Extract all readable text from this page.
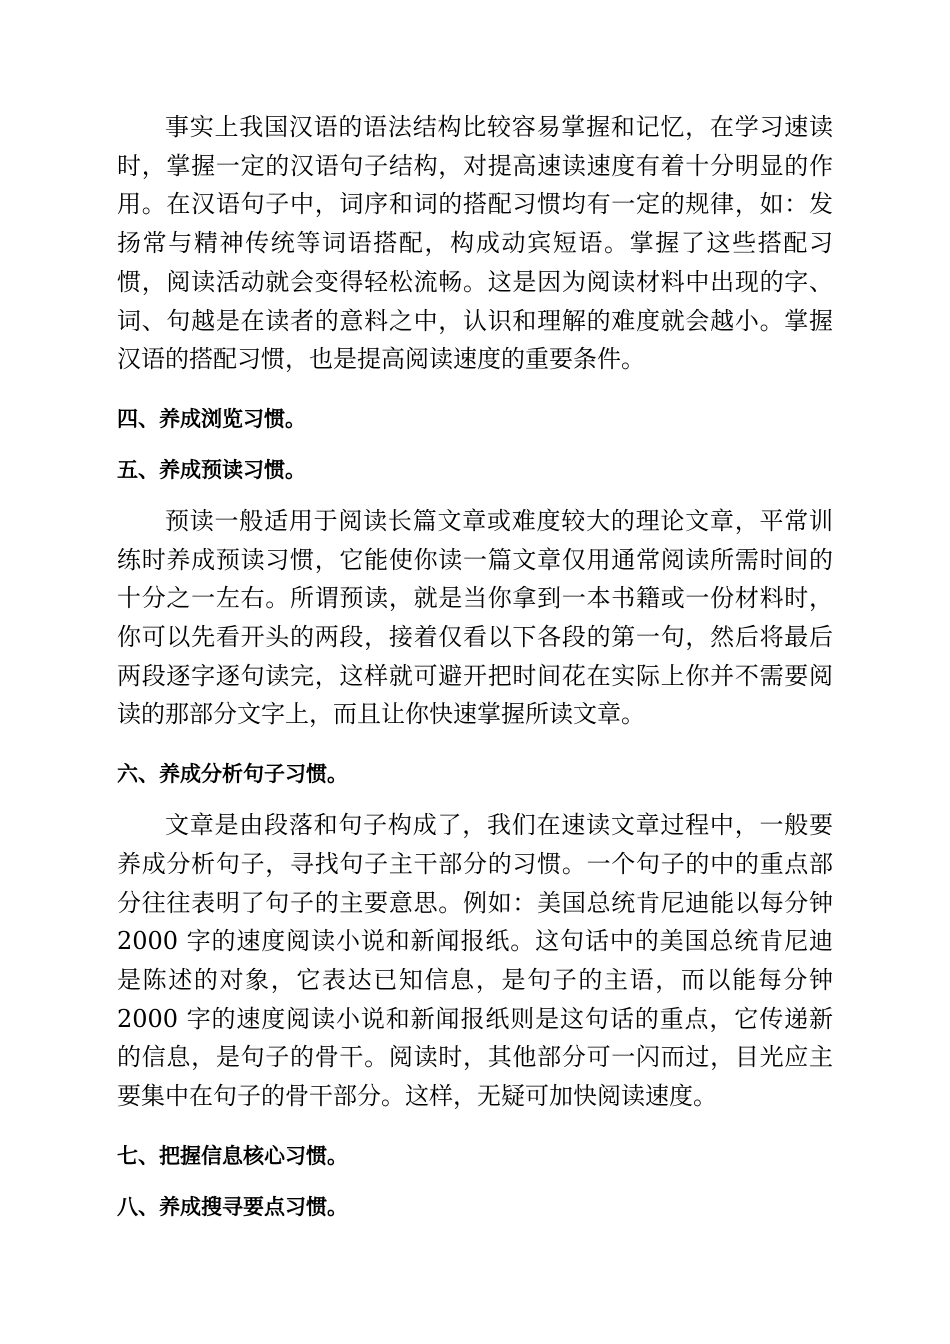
事实上我国汉语的语法结构比较容易掌握和记忆，在学习速读时，掌握一定的汉语句子结构，对提高速读速度有着十分明显的作用。在汉语句子中，词序和词的搭配习惯均有一定的规律，如：发扬常与精神传统等词语搭配，构成动宾短语。掌握了这些搭配习惯，阅读活动就会变得轻松流畅。这是因为阅读材料中出现的字、词、句越是在读者的意料之中，认识和理解的难度就会越小。掌握汉语的搭配习惯，也是提高阅读速度的重要条件。

四、养成浏览习惯。
五、养成预读习惯。

预读一般适用于阅读长篇文章或难度较大的理论文章，平常训练时养成预读习惯，它能使你读一篇文章仅用通常阅读所需时间的十分之一左右。所谓预读，就是当你拿到一本书籍或一份材料时，你可以先看开头的两段，接着仅看以下各段的第一句，然后将最后两段逐字逐句读完，这样就可避开把时间花在实际上你并不需要阅读的那部分文字上，而且让你快速掌握所读文章。

六、养成分析句子习惯。

文章是由段落和句子构成了，我们在速读文章过程中，一般要养成分析句子，寻找句子主干部分的习惯。一个句子的中的重点部分往往表明了句子的主要意思。例如：美国总统肯尼迪能以每分钟 2000 字的速度阅读小说和新闻报纸。这句话中的美国总统肯尼迪是陈述的对象，它表达已知信息，是句子的主语，而以能每分钟 2000 字的速度阅读小说和新闻报纸则是这句话的重点，它传递新的信息，是句子的骨干。阅读时，其他部分可一闪而过，目光应主要集中在句子的骨干部分。这样，无疑可加快阅读速度。

七、把握信息核心习惯。
八、养成搜寻要点习惯。
